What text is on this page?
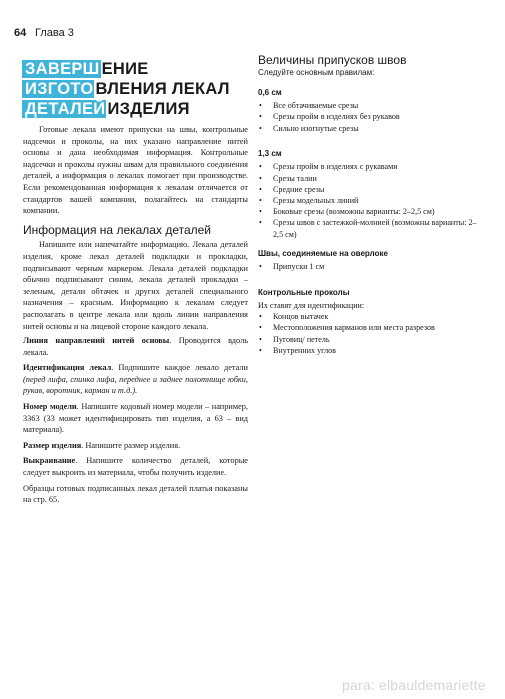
64 Глава 3
ЗАВЕРШ ЕНИЕ
ИЗГОТО ВЛЕНИЯ ЛЕКАЛ
ДЕТАЛЕЙ ИЗДЕЛИЯ
elbauldemariette

Готовые лекала имеют припуски на швы, контрольные надсечки и проколы, на них указано направление нитей основы и дана необходимая информация. Контрольные надсечки и проколы нужны швам для правильного соединения деталей, а информация о лекалах помогает при производстве. Если рекомендованная информация к лекалам отличается от стандартов вашей компании, полагайтесь на стандарты компании.

Информация на лекалах деталей

Напишите или напечатайте информацию. Лекала деталей изделия, кроме лекал деталей подкладки и прокладки, подписывают черным маркером. Лекала деталей подкладки обычно подписывают синим, лекала деталей прокладки – зеленым, детали обтачек и других деталей специального назначения – красным. Информацию к лекалам следует располагать в центре лекала или вдоль линии направления нитей основы и на лицевой стороне каждого лекала.

Линия направлений нитей основы. Проводится вдоль лекала.

Идентификация лекал. Подпишите каждое лекало детали (перед лифа, спинка лифа, переднее и заднее полотнище юбки, рукав, воротник, карман и т.д.).

Номер модели. Напишите кодовый номер модели – например, 3363 (33 может идентифицировать тип изделия, а 63 – вид материала).

Размер изделия. Напишите размер изделия.

Выкраивание. Напишите количество деталей, которые следует выкроить из материала, чтобы получить изделие.

Образцы готовых подписанных лекал деталей платья показаны на стр. 65.

Величины припусков швов
Следуйте основным правилам:
0,6 см
• Все обтачиваемые срезы
• Срезы пройм в изделиях без рукавов
• Сильно изогнутые срезы
1,3 см
• Срезы пройм в изделиях с рукавами
• Срезы талии
• Средние срезы
• Срезы модельных линий
• Боковые срезы (возможны варианты: 2–2,5 см)
• Срезы швов с застежкой-молнией (возможны варианты: 2–2,5 см)
Швы, соединяемые на оверлоке
• Припуски 1 см
Контрольные проколы
Их ставят для идентификации:
• Концов вытачек
• Местоположения карманов или места разрезов
• Пуговиц/ петель
• Внутренних углов
para: elbauldemariette
